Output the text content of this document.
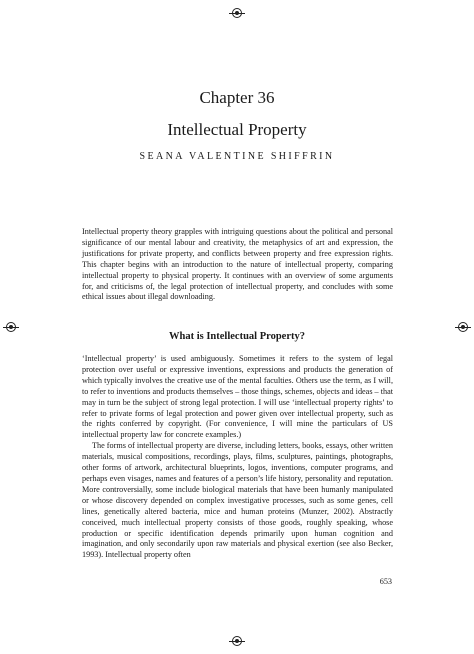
Chapter 36
Intellectual Property

SEANA VALENTINE SHIFFRIN

Intellectual property theory grapples with intriguing questions about the political and personal significance of our mental labour and creativity, the metaphysics of art and expression, the justifications for private property, and conflicts between property and free expression rights. This chapter begins with an introduction to the nature of intellectual property, comparing intellectual property to physical property. It continues with an overview of some arguments for, and criticisms of, the legal protection of intellectual property, and concludes with some ethical issues about illegal downloading.

What is Intellectual Property?

‘Intellectual property’ is used ambiguously. Sometimes it refers to the system of legal protection over useful or expressive inventions, expressions and products the generation of which typically involves the creative use of the mental faculties. Others use the term, as I will, to refer to inventions and products themselves – those things, schemes, objects and ideas – that may in turn be the subject of strong legal protection. I will use ‘intellectual property rights’ to refer to private forms of legal protection and power given over intellectual property, such as the rights conferred by copyright. (For convenience, I will mine the particulars of US intellectual property law for concrete examples.)

The forms of intellectual property are diverse, including letters, books, essays, other written materials, musical compositions, recordings, plays, films, sculptures, paintings, photographs, other forms of artwork, architectural blueprints, logos, inventions, computer programs, and perhaps even visages, names and features of a person’s life history, personality and reputation. More controversially, some include biological materials that have been humanly manipulated or whose discovery depended on complex investigative processes, such as some genes, cell lines, genetically altered bacteria, mice and human proteins (Munzer, 2002). Abstractly conceived, much intellectual property consists of those goods, roughly speaking, whose production or specific identification depends primarily upon human cognition and imagination, and only secondarily upon raw materials and physical exertion (see also Becker, 1993). Intellectual property often

653
